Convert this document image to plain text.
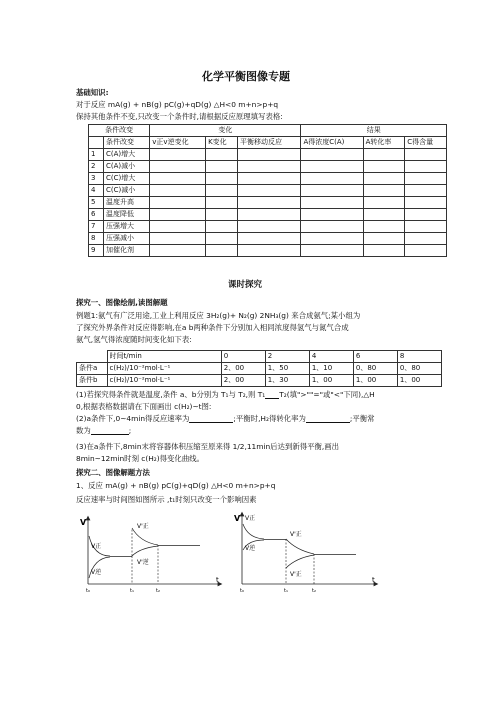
化学平衡图像专题
基础知识:
对于反应 mA(g) + nB(g) pC(g)+qD(g) △H<0 m+n>p+q
保持其他条件不变,只改变一个条件时,请根据反应原理填写表格:
条件改变		变化			结果		
	条件改变	v正v逆变化	K变化	平衡移动反应	A得浓度C(A)	A转化率	C得含量
1	C(A)增大						
2	C(A)减小						
3	C(C)增大						
4	C(C)减小						
5	温度升高						
6	温度降低						
7	压强增大						
8	压强减小						
9	加催化剂						
课时探究
探究一、图像绘制,读图解题
例题1:氨气有广泛用途,工业上利用反应 3H₂(g)+ N₂(g) 2NH₃(g) 来合成氨气;某小组为
了探究外界条件对反应得影响,在a b两种条件下分别加入相同浓度得氢气与氮气合成
氨气,氢气得浓度随时间变化如下表:
	时间t/min	0	2	4	6	8
条件a	c(H₂)/10⁻²mol·L⁻¹	2、00	1、50	1、10	0、80	0、80
条件b	c(H₂)/10⁻²mol·L⁻¹	2、00	1、30	1、00	1、00	1、00
(1)若探究得条件就是温度,条件 a、b分别为 T₁与 T₂,则 T₁ T₂(填">""="或"<"下同),△H
0,根据表格数据请在下面画出 c(H₂)~t图:
(2)a条件下,0~4min得反应速率为	;平衡时,H₂得转化率为	;平衡常
数为	;
(3)在a条件下,8min末将容器体积压缩至原来得 1/2,11min后达到新得平衡,画出
8min~12min时刻 c(H₂)得变化曲线。
探究二、图像解题方法
1、反应 mA(g) + nB(g) pC(g)+qD(g) △H<0 m+n>p+q
反应速率与时间图如图所示 ,t₁时刻只改变一个影响因素
V
t
V正
V逆
V'正
V'逆
t₀	t₁	t₂
V
t
V正
V逆
V'正
V'正
t₀	t₁	t₂
